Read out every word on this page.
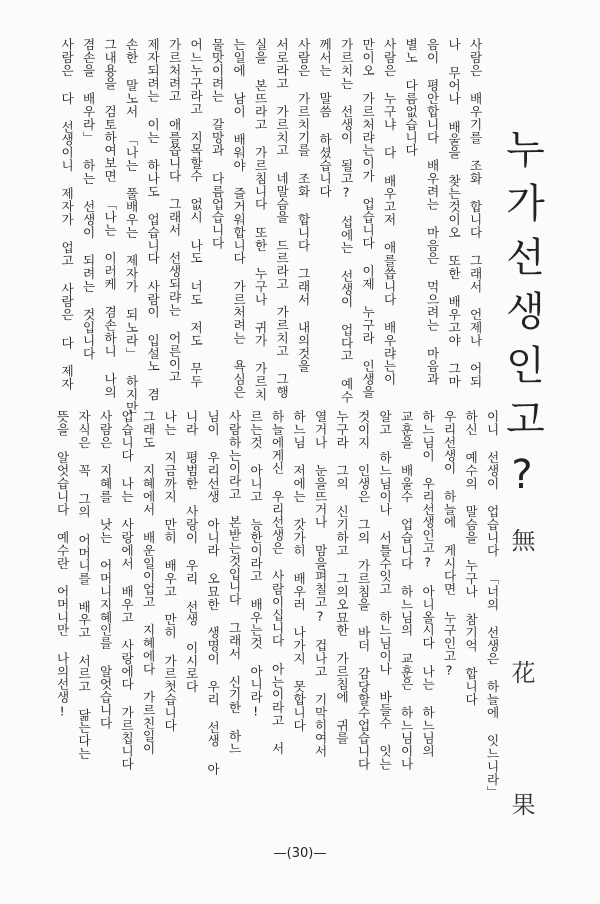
누가선생인고?
無 花 果
사람은 배우기를 조화 합니다 그래서 언제나 어되
나 무어나 배울을 찾는것이오 또한 배우고야 그마
음이 평안합니다 배우려는 마음은 먹으려는 마음과
별노 다름없습니다
사람은 누구냐 다 배우고저 애를씁니다 배우랴는이
만이오 가르처랴는이가 업습니다 이제 누구라 인생을
가르치는 선생이 될고? 섭에는 선생이 업다고 예수
께서는 말씀 하셨습니다
사람은 가르치기를 조화 합니다 그래서 내의것을
서로라고 가르치고 네말슴을 드르라고 가르치고 그행
실을 본뜨라고 가르침니다 또한 누구나 귀가 가르치
는일에 남이 배워야 즐거워합니다 가르처려는 욕심은
물맛이려는 갈망과 다름업습니다
어느누구라고 지목할수 없시 나도 너도 저도 무두
가르처려고 애를씁니다 그래서 선생되랴는 어른이고
제자되려는 이는 하나도 업습니다 사람이 입설노 겸
손한 말노서 「나는 풀배우는 제자가 되노라」 하지만
그내용을 검토하여보면 「나는 이러케 겸손하니 나의
겸손을 배우라」 하는 선생이 되려는 것입니다
사람은 다 선생이니 제자가 업고 사람은 다 제자
이니 선생이 업습니다 「너의 선생은 하늘에 잇느니라」
하신 예수의 말슴을 누구나 참기억 합니다
우리선생이 하늘에 게시다면 누구인고?
하느님이 우리선생인고? 아니올시다 나는 하느님의
교훈을 배울수 업습니다 하느님의 교훈은 하느님이나
알고 하느님이나 서틀수잇고 하느님이나 바들수 잇는
것이지 인생은 그의 가르침을 바더 감당할수업습니다
누구라 그의 신기하고 그의오묘한 가르침에 귀를
열거나 눈을뜨거나 맘을펴칠고? 겁나고 기막히여서
하느님 저에는 갓가히 배우러 나가지 못합니다
하늘에게신 우리선생은 사람이십니다 아는이라고 서
르는것 아니고 능한이라고 배우는것 아니라!
사람하는이라고 본받는것입니다 그래서 신기한 하느
님이 우리선생 아니라 오묘한 생명이 우리 선생 아
니라 평범한 사랑이 우리 선생 이시로다
나는 지금까지 만히 배우고 만히 가르첫습니다
그래도 지혜에서 배운일이업고 지혜에다 가르친일이
업습니다 나는 사랑에서 배우고 사랑에다 가르칩니다
사람은 지혜를 낫는 어머니지혜인를 알엇습니다
자식은 꼭 그의 어머니를 배우고 서르고 닮는다는
뜻을 알엇습니다 예수란 어머니만 나의선생!
—(30)—
